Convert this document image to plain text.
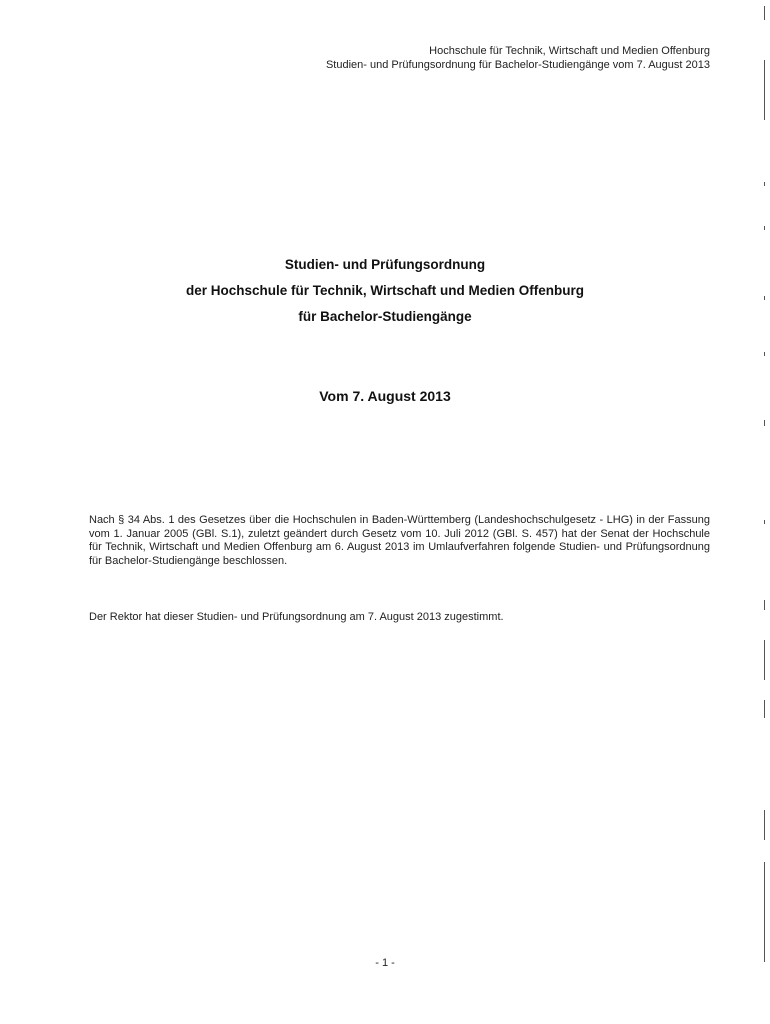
Hochschule für Technik, Wirtschaft und Medien Offenburg
Studien- und Prüfungsordnung für Bachelor-Studiengänge vom 7. August 2013
Studien- und Prüfungsordnung
der Hochschule für Technik, Wirtschaft und Medien Offenburg
für Bachelor-Studiengänge
Vom 7. August 2013

Nach § 34 Abs. 1 des Gesetzes über die Hochschulen in Baden-Württemberg (Landeshochschulgesetz - LHG) in der Fassung vom 1. Januar 2005 (GBl. S.1), zuletzt geändert durch Gesetz vom 10. Juli 2012 (GBl. S. 457) hat der Senat der Hochschule für Technik, Wirtschaft und Medien Offenburg am 6. August 2013 im Umlaufverfahren folgende Studien- und Prüfungsordnung für Bachelor-Studiengänge beschlossen.

Der Rektor hat dieser Studien- und Prüfungsordnung am 7. August 2013 zugestimmt.

- 1 -
